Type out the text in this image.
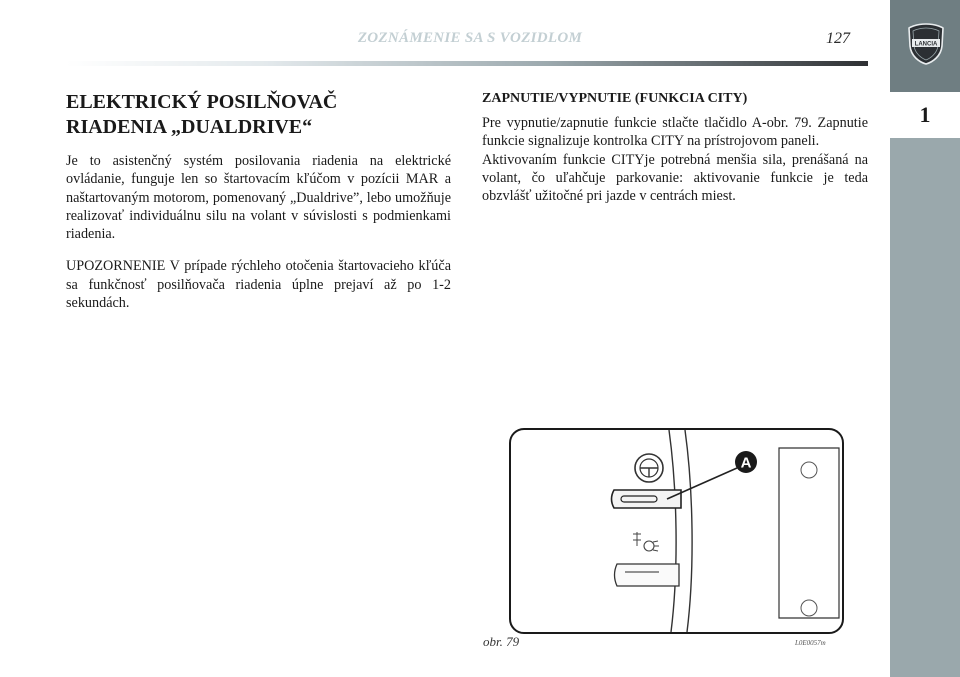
LANCIA
1
ZOZNÁMENIE SA S VOZIDLOM	127
ELEKTRICKÝ POSILŇOVAČ
RIADENIA „DUALDRIVE“

Je to asistenčný systém posilovania riadenia na elektrické ovládanie, funguje len so štartovacím kľúčom v pozícii MAR a naštartovaným motorom, pomenovaný „Dualdrive”, lebo umožňuje realizovať individuálnu silu na volant v súvislosti s podmienkami riadenia.

UPOZORNENIE V prípade rýchleho otočenia štartovacieho kľúča sa funkčnosť posilňovača riadenia úplne prejaví až po 1-2 sekundách.

ZAPNUTIE/VYPNUTIE (FUNKCIA CITY)

Pre vypnutie/zapnutie funkcie stlačte tlačidlo A-obr. 79. Zapnutie funkcie signalizuje kontrolka CITY na prístrojovom paneli.

Aktivovaním funkcie CITYje potrebná menšia sila, prenášaná na volant, čo uľahčuje parkovanie: aktivovanie funkcie je teda obzvlášť užitočné pri jazde v centrách miest.

A
obr. 79	L0E0057m
